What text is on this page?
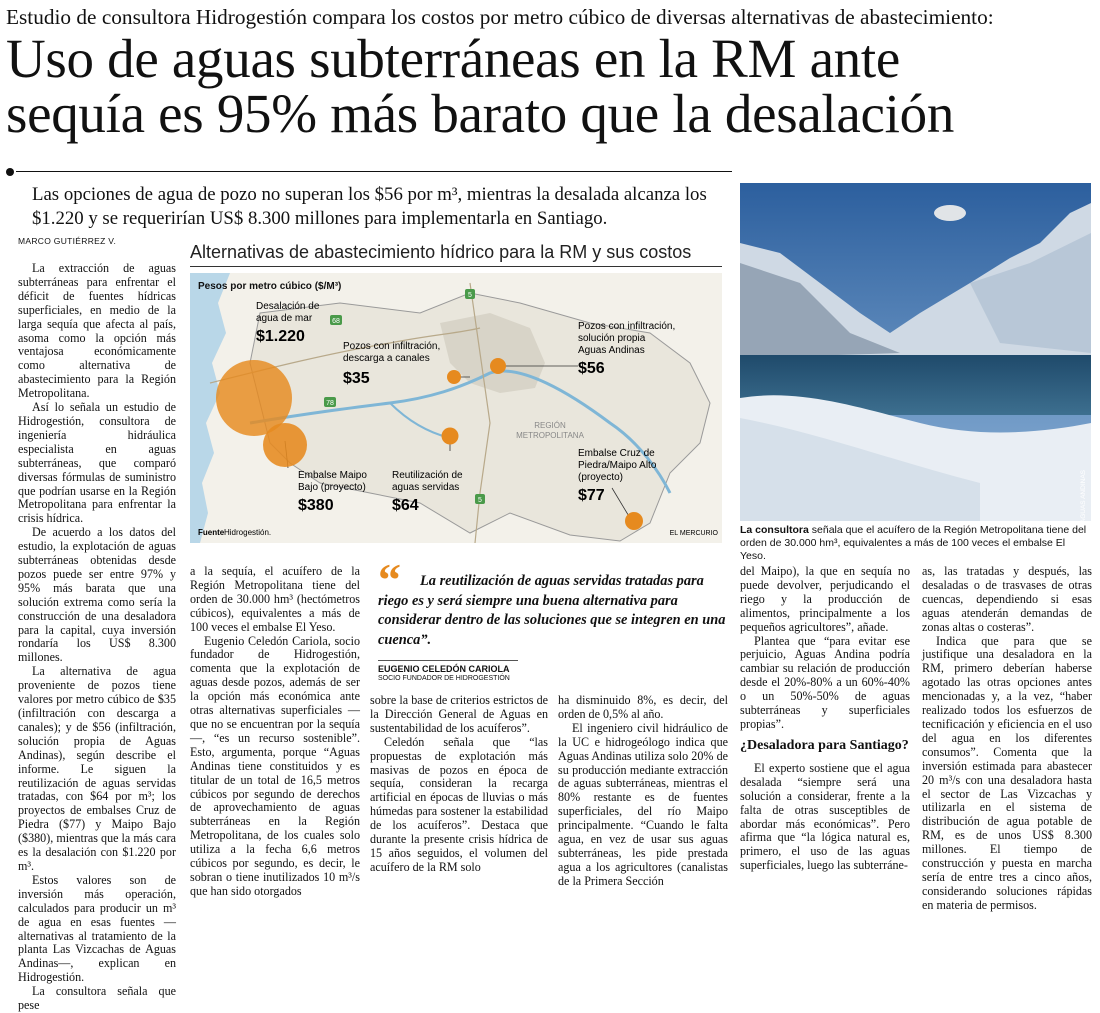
Estudio de consultora Hidrogestión compara los costos por metro cúbico de diversas alternativas de abastecimiento:
Uso de aguas subterráneas en la RM ante
sequía es 95% más barato que la desalación
Las opciones de agua de pozo no superan los $56 por m³, mientras la desalada alcanza los $1.220 y se requerirían US$ 8.300 millones para implementarla en Santiago.
MARCO GUTIÉRREZ V.

La extracción de aguas subterráneas para enfrentar el déficit de fuentes hídricas superficiales, en medio de la larga sequía que afecta al país, asoma como la opción más ventajosa económicamente como alternativa de abastecimiento para la Región Metropolitana.

Así lo señala un estudio de Hidrogestión, consultora de ingeniería hidráulica especialista en aguas subterráneas, que comparó diversas fórmulas de suministro que podrían usarse en la Región Metropolitana para enfrentar la crisis hídrica.

De acuerdo a los datos del estudio, la explotación de aguas subterráneas obtenidas desde pozos puede ser entre 97% y 95% más barata que una solución extrema como sería la construcción de una desaladora para la capital, cuya inversión rondaría los US$ 8.300 millones.

La alternativa de agua proveniente de pozos tiene valores por metro cúbico de $35 (infiltración con descarga a canales); y de $56 (infiltración, solución propia de Aguas Andinas), según describe el informe. Le siguen la reutilización de aguas servidas tratadas, con $64 por m³; los proyectos de embalses Cruz de Piedra ($77) y Maipo Bajo ($380), mientras que la más cara es la desalación con $1.220 por m³.

Estos valores son de inversión más operación, calculados para producir un m³ de agua en esas fuentes —alternativas al tratamiento de la planta Las Vizcachas de Aguas Andinas—, explican en Hidrogestión.

La consultora señala que pese

Alternativas de abastecimiento hídrico para la RM y sus costos
68
78
5
5
Pesos por metro cúbico ($/M³)
REGIÓN
METROPOLITANA
Desalación de
agua de mar
$1.220
Pozos con infiltración,
descarga a canales
$35
Pozos con infiltración,
solución propia
Aguas Andinas
$56
Embalse Maipo
Bajo (proyecto)
$380
Reutilización de
aguas servidas
$64
Embalse Cruz de
Piedra/Maipo Alto
(proyecto)
$77
Fuente Hidrogestión.	EL MERCURIO
AGUAS ANDINAS
La consultora señala que el acuífero de la Región Metropolitana tiene del orden de 30.000 hm³, equivalentes a más de 100 veces el embalse El Yeso.
“	La reutilización de aguas servidas tratadas para riego es y será siempre una buena alternativa para considerar dentro de las soluciones que se integren en una cuenca”.
EUGENIO CELEDÓN CARIOLA
SOCIO FUNDADOR DE HIDROGESTIÓN

a la sequía, el acuífero de la Región Metropolitana tiene del orden de 30.000 hm³ (hectómetros cúbicos), equivalentes a más de 100 veces el embalse El Yeso.

Eugenio Celedón Cariola, socio fundador de Hidrogestión, comenta que la explotación de aguas desde pozos, además de ser la opción más económica ante otras alternativas superficiales —que no se encuentran por la sequía—, “es un recurso sostenible”. Esto, argumenta, porque “Aguas Andinas tiene constituidos y es titular de un total de 16,5 metros cúbicos por segundo de derechos de aprovechamiento de aguas subterráneas en la Región Metropolitana, de los cuales solo utiliza a la fecha 6,6 metros cúbicos por segundo, es decir, le sobran o tiene inutilizados 10 m³/s que han sido otorgados

sobre la base de criterios estrictos de la Dirección General de Aguas en sustentabilidad de los acuíferos”.

Celedón señala que “las propuestas de explotación más masivas de pozos en época de sequía, consideran la recarga artificial en épocas de lluvias o más húmedas para sostener la estabilidad de los acuíferos”. Destaca que durante la presente crisis hídrica de 15 años seguidos, el volumen del acuífero de la RM solo

ha disminuido 8%, es decir, del orden de 0,5% al año.

El ingeniero civil hidráulico de la UC e hidrogeólogo indica que Aguas Andinas utiliza solo 20% de su producción mediante extracción de aguas subterráneas, mientras el 80% restante es de fuentes superficiales, del río Maipo principalmente. “Cuando le falta agua, en vez de usar sus aguas subterráneas, les pide prestada agua a los agricultores (canalistas de la Primera Sección

del Maipo), la que en sequía no puede devolver, perjudicando el riego y la producción de alimentos, principalmente a los pequeños agricultores”, añade.

Plantea que “para evitar ese perjuicio, Aguas Andina podría cambiar su relación de producción desde el 20%-80% a un 60%-40% o un 50%-50% de aguas subterráneas y superficiales propias”.

¿Desaladora para Santiago?

El experto sostiene que el agua desalada “siempre será una solución a considerar, frente a la falta de otras susceptibles de abordar más económicas”. Pero afirma que “la lógica natural es, primero, el uso de las aguas superficiales, luego las subterráne-

as, las tratadas y después, las desaladas o de trasvases de otras cuencas, dependiendo si esas aguas atenderán demandas de zonas altas o costeras”.

Indica que para que se justifique una desaladora en la RM, primero deberían haberse agotado las otras opciones antes mencionadas y, a la vez, “haber realizado todos los esfuerzos de tecnificación y eficiencia en el uso del agua en los diferentes consumos”. Comenta que la inversión estimada para abastecer 20 m³/s con una desaladora hasta el sector de Las Vizcachas y utilizarla en el sistema de distribución de agua potable de RM, es de unos US$ 8.300 millones. El tiempo de construcción y puesta en marcha sería de entre tres a cinco años, considerando soluciones rápidas en materia de permisos.
